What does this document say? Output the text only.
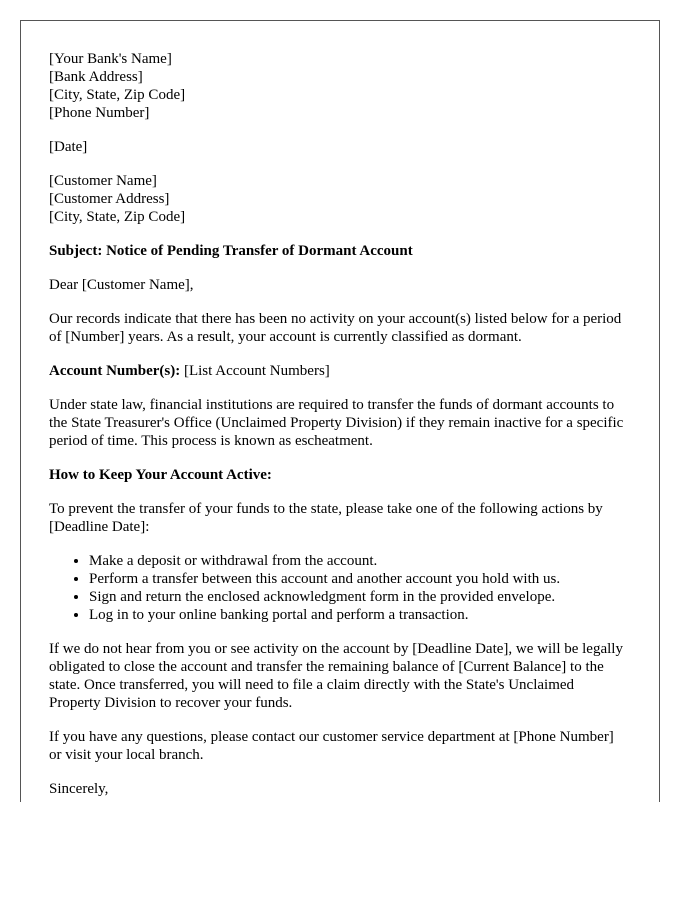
[Your Bank's Name]
[Bank Address]
[City, State, Zip Code]
[Phone Number]
[Date]
[Customer Name]
[Customer Address]
[City, State, Zip Code]

Subject: Notice of Pending Transfer of Dormant Account

Dear [Customer Name],

Our records indicate that there has been no activity on your account(s) listed below for a period of [Number] years. As a result, your account is currently classified as dormant.

Account Number(s): [List Account Numbers]

Under state law, financial institutions are required to transfer the funds of dormant accounts to the State Treasurer's Office (Unclaimed Property Division) if they remain inactive for a specific period of time. This process is known as escheatment.

How to Keep Your Account Active:

To prevent the transfer of your funds to the state, please take one of the following actions by [Deadline Date]:

• Make a deposit or withdrawal from the account.
• Perform a transfer between this account and another account you hold with us.
• Sign and return the enclosed acknowledgment form in the provided envelope.
• Log in to your online banking portal and perform a transaction.

If we do not hear from you or see activity on the account by [Deadline Date], we will be legally obligated to close the account and transfer the remaining balance of [Current Balance] to the state. Once transferred, you will need to file a claim directly with the State's Unclaimed Property Division to recover your funds.

If you have any questions, please contact our customer service department at [Phone Number] or visit your local branch.

Sincerely,
